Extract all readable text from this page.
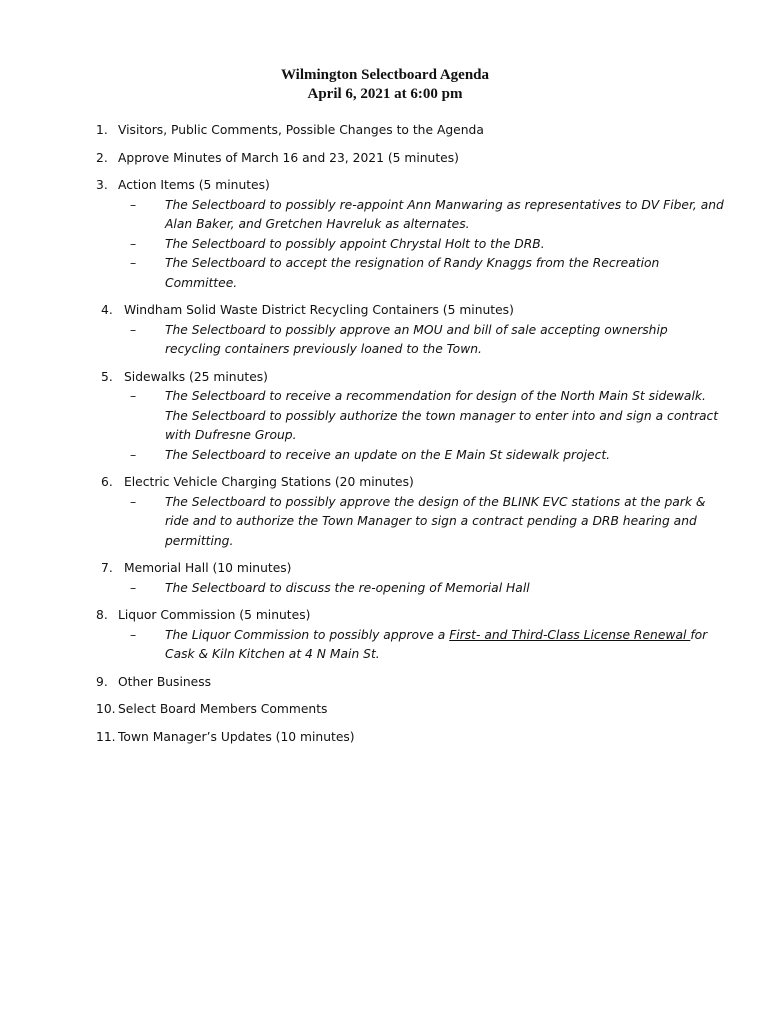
Wilmington Selectboard Agenda
April 6, 2021 at 6:00 pm
1. Visitors, Public Comments, Possible Changes to the Agenda
2. Approve Minutes of March 16 and 23, 2021 (5 minutes)
3. Action Items (5 minutes)
– The Selectboard to possibly re-appoint Ann Manwaring as representatives to DV Fiber, and Alan Baker, and Gretchen Havreluk as alternates.
– The Selectboard to possibly appoint Chrystal Holt to the DRB.
– The Selectboard to accept the resignation of Randy Knaggs from the Recreation Committee.
4. Windham Solid Waste District Recycling Containers (5 minutes)
– The Selectboard to possibly approve an MOU and bill of sale accepting ownership recycling containers previously loaned to the Town.
5. Sidewalks (25 minutes)
– The Selectboard to receive a recommendation for design of the North Main St sidewalk. The Selectboard to possibly authorize the town manager to enter into and sign a contract with Dufresne Group.
– The Selectboard to receive an update on the E Main St sidewalk project.
6. Electric Vehicle Charging Stations (20 minutes)
– The Selectboard to possibly approve the design of the BLINK EVC stations at the park & ride and to authorize the Town Manager to sign a contract pending a DRB hearing and permitting.
7. Memorial Hall (10 minutes)
– The Selectboard to discuss the re-opening of Memorial Hall
8. Liquor Commission (5 minutes)
– The Liquor Commission to possibly approve a First- and Third-Class License Renewal for Cask & Kiln Kitchen at 4 N Main St.
9. Other Business
10. Select Board Members Comments
11. Town Manager’s Updates (10 minutes)
